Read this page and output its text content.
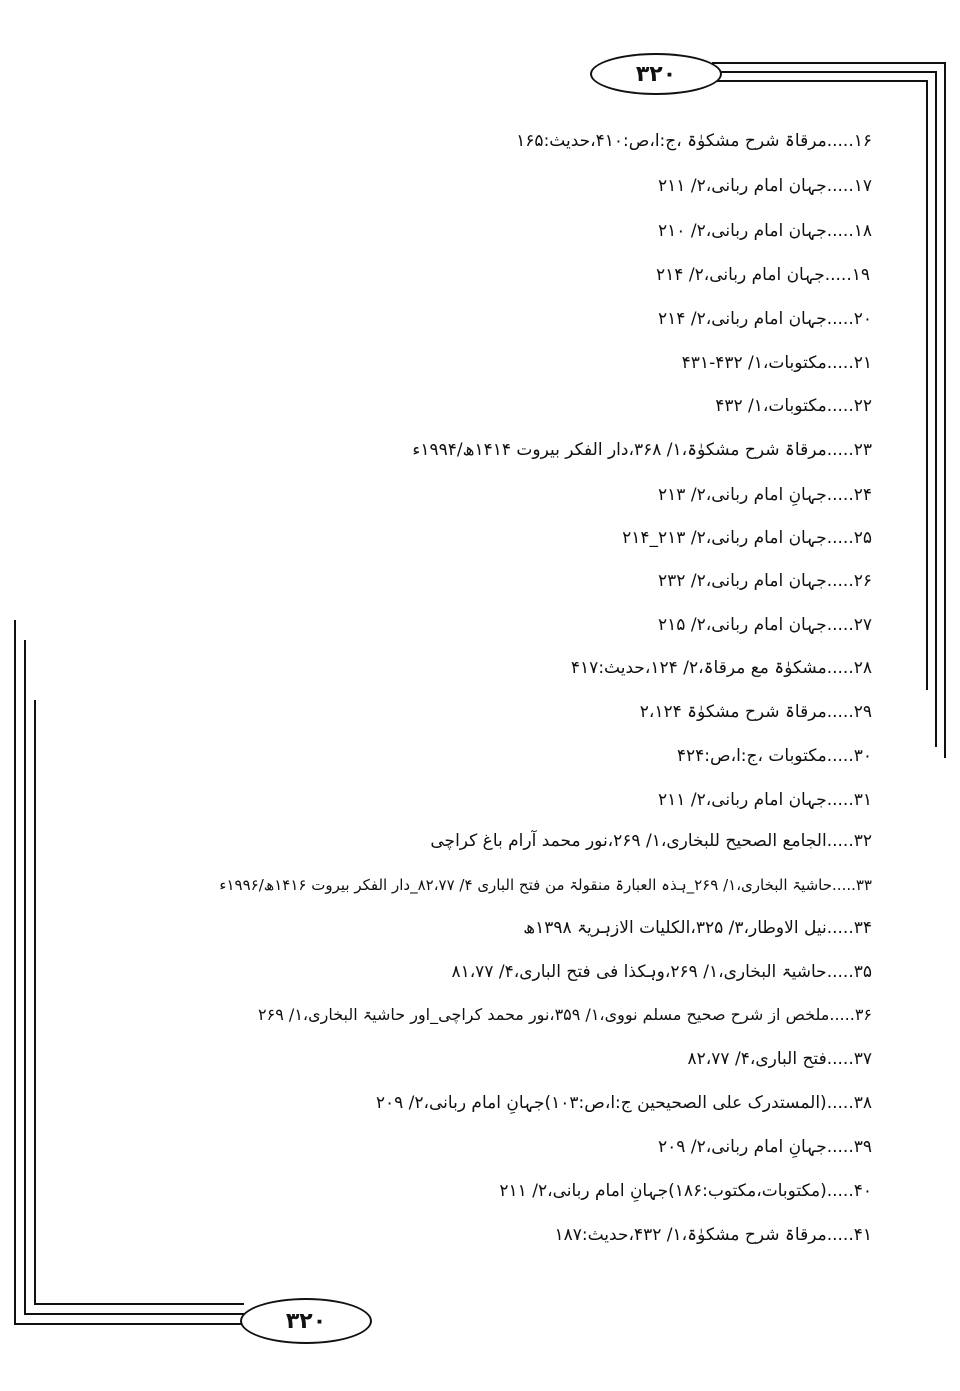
۳۲۰
۳۲۰
۱۶.....مرقاۃ شرح مشکوٰۃ ،ج:ا،ص:۴۱۰،حدیث:۱۶۵
۱۷.....جہان امام ربانی،۲/ ۲۱۱
۱۸.....جہان امام ربانی،۲/ ۲۱۰
۱۹.....جہان امام ربانی،۲/ ۲۱۴
۲۰.....جہان امام ربانی،۲/ ۲۱۴
۲۱.....مکتوبات،۱/ ۴۳۲-۴۳۱
۲۲.....مکتوبات،۱/ ۴۳۲
۲۳.....مرقاۃ شرح مشکوٰۃ،۱/ ۳۶۸،دار الفکر بیروت ۱۴۱۴ھ/۱۹۹۴ء
۲۴.....جہانِ امام ربانی،۲/ ۲۱۳
۲۵.....جہان امام ربانی،۲/ ۲۱۳_۲۱۴
۲۶.....جہان امام ربانی،۲/ ۲۳۲
۲۷.....جہان امام ربانی،۲/ ۲۱۵
۲۸.....مشکوٰۃ مع مرقاۃ،۲/ ۱۲۴،حدیث:۴۱۷
۲۹.....مرقاۃ شرح مشکوٰۃ ۲،۱۲۴
۳۰.....مکتوبات ،ج:ا،ص:۴۲۴
۳۱.....جہان امام ربانی،۲/ ۲۱۱
۳۲.....الجامع الصحیح للبخاری،۱/ ۲۶۹،نور محمد آرام باغ کراچی
۳۳.....حاشیۃ البخاری،۱/ ۲۶۹_ہذہ العبارۃ منقولۃ من فتح الباری ۴/ ۸۲،۷۷_دار الفکر بیروت ۱۴۱۶ھ/۱۹۹۶ء
۳۴.....نیل الاوطار،۳/ ۳۲۵،الکلیات الازہریۃ ۱۳۹۸ھ
۳۵.....حاشیۃ البخاری،۱/ ۲۶۹،وہکذا فی فتح الباری،۴/ ۸۱،۷۷
۳۶.....ملخص از شرح صحیح مسلم نووی،۱/ ۳۵۹،نور محمد کراچی_اور حاشیۃ البخاری،۱/ ۲۶۹
۳۷.....فتح الباری،۴/ ۸۲،۷۷
۳۸.....(المستدرک علی الصحیحین ج:ا،ص:۱۰۳)جہانِ امام ربانی،۲/ ۲۰۹
۳۹.....جہانِ امام ربانی،۲/ ۲۰۹
۴۰.....(مکتوبات،مکتوب:۱۸۶)جہانِ امام ربانی،۲/ ۲۱۱
۴۱.....مرقاۃ شرح مشکوٰۃ،۱/ ۴۳۲،حدیث:۱۸۷
